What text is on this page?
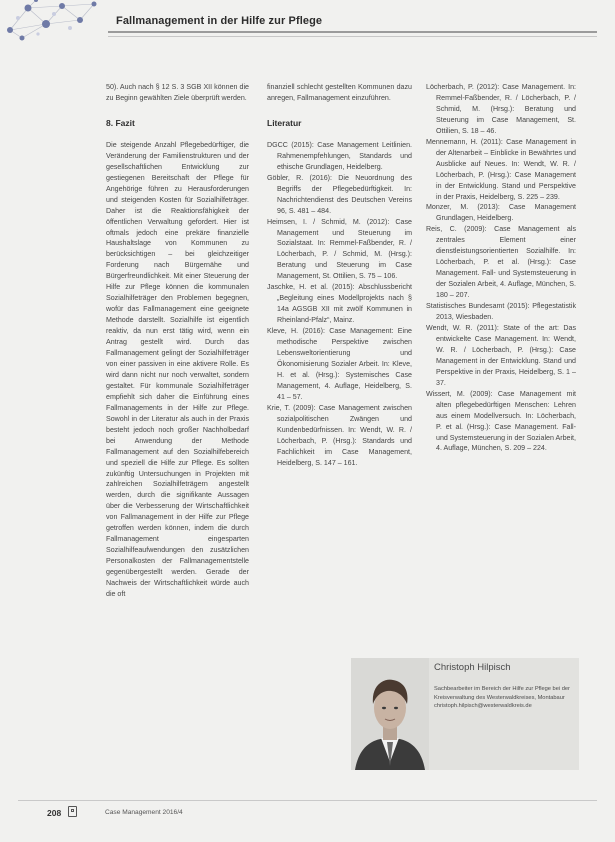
Fallmanagement in der Hilfe zur Pflege

50). Auch nach § 12 S. 3 SGB XII können die zu Beginn gewählten Ziele überprüft werden.

8. Fazit

Die steigende Anzahl Pflegebedürftiger, die Veränderung der Familienstrukturen und der gesellschaftlichen Entwicklung zur gestiegenen Bereitschaft der Pflege für Angehörige führen zu Herausforderungen und steigenden Kosten für Sozialhilfeträger. Daher ist die Reaktionsfähigkeit der öffentlichen Verwaltung gefordert. Hier ist oftmals jedoch eine prekäre finanzielle Haushaltslage von Kommunen zu berücksichtigen – bei gleichzeitiger Forderung nach Bürgernähe und Bürgerfreundlichkeit. Mit einer Steuerung der Hilfe zur Pflege können die kommunalen Sozialhilfeträger den Problemen begegnen, wofür das Fallmanagement eine geeignete Methode darstellt. Sozialhilfe ist eigentlich reaktiv, da nun erst tätig wird, wenn ein Antrag gestellt wird. Durch das Fallmanagement gelingt der Sozialhilfeträger von einer passiven in eine aktivere Rolle. Es wird dann nicht nur noch verwaltet, sondern gestaltet. Für kommunale Sozialhilfeträger empfiehlt sich daher die Einführung eines Fallmanagements in der Hilfe zur Pflege. Sowohl in der Literatur als auch in der Praxis besteht jedoch noch großer Nachholbedarf bei Anwendung der Methode Fallmanagement auf den Sozialhilfebereich und speziell die Hilfe zur Pflege. Es sollten zukünftig Untersuchungen in Projekten mit zahlreichen Sozialhilfeträgern angestellt werden, durch die signifikante Aussagen über die Verbesserung der Wirtschaftlichkeit von Fallmanagement in der Hilfe zur Pflege getroffen werden können, indem die durch Fallmanagement eingesparten Sozialhilfeaufwendungen den zusätzlichen Personalkosten der Fallmanagementstelle gegenübergestellt werden. Gerade der Nachweis der Wirtschaftlichkeit würde auch die oft

finanziell schlecht gestellten Kommunen dazu anregen, Fallmanagement einzuführen.

Literatur

DGCC (2015): Case Management Leitlinien. Rahmenempfehlungen, Standards und ethische Grundlagen, Heidelberg.

Göbler, R. (2016): Die Neuordnung des Begriffs der Pflegebedürftigkeit. In: Nachrichtendienst des Deutschen Vereins 96, S. 481 – 484.

Heimsen, I. / Schmid, M. (2012): Case Management und Steuerung im Sozialstaat. In: Remmel-Faßbender, R. / Löcherbach, P. / Schmid, M. (Hrsg.): Beratung und Steuerung im Case Management, St. Ottilien, S. 75 – 106.

Jaschke, H. et al. (2015): Abschlussbericht „Begleitung eines Modellprojekts nach § 14a AGSGB XII mit zwölf Kommunen in Rheinland-Pfalz“, Mainz.

Kleve, H. (2016): Case Management: Eine methodische Perspektive zwischen Lebensweltorientierung und Ökonomisierung Sozialer Arbeit. In: Kleve, H. et al. (Hrsg.): Systemisches Case Management, 4. Auflage, Heidelberg, S. 41 – 57.

Krie, T. (2009): Case Management zwischen sozialpolitischen Zwängen und Kundenbedürfnissen. In: Wendt, W. R. / Löcherbach, P. (Hrsg.): Standards und Fachlichkeit im Case Management, Heidelberg, S. 147 – 161.

Löcherbach, P. (2012): Case Management. In: Remmel-Faßbender, R. / Löcherbach, P. / Schmid, M. (Hrsg.): Beratung und Steuerung im Case Management, St. Ottilien, S. 18 – 46.

Mennemann, H. (2011): Case Management in der Altenarbeit – Einblicke in Bewährtes und Ausblicke auf Neues. In: Wendt, W. R. / Löcherbach, P. (Hrsg.): Case Management in der Entwicklung. Stand und Perspektive in der Praxis, Heidelberg, S. 225 – 239.

Monzer, M. (2013): Case Management Grundlagen, Heidelberg.

Reis, C. (2009): Case Management als zentrales Element einer dienstleistungsorientierten Sozialhilfe. In: Löcherbach, P. et al. (Hrsg.): Case Management. Fall- und Systemsteuerung in der Sozialen Arbeit, 4. Auflage, München, S. 180 – 207.

Statistisches Bundesamt (2015): Pflegestatistik 2013, Wiesbaden.

Wendt, W. R. (2011): State of the art: Das entwickelte Case Management. In: Wendt, W. R. / Löcherbach, P. (Hrsg.): Case Management in der Entwicklung. Stand und Perspektive in der Praxis, Heidelberg, S. 1 – 37.

Wissert, M. (2009): Case Management mit alten pflegebedürftigen Menschen: Lehren aus einem Modellversuch. In: Löcherbach, P. et al. (Hrsg.): Case Management. Fall- und Systemsteuerung in der Sozialen Arbeit, 4. Auflage, München, S. 209 – 224.

Christoph Hilpisch
Sachbearbeiter im Bereich der Hilfe zur Pflege bei der Kreisverwaltung des Westerwaldkreises, Montabaur
christoph.hilpisch@westerwaldkreis.de
208	Case Management 2016/4
